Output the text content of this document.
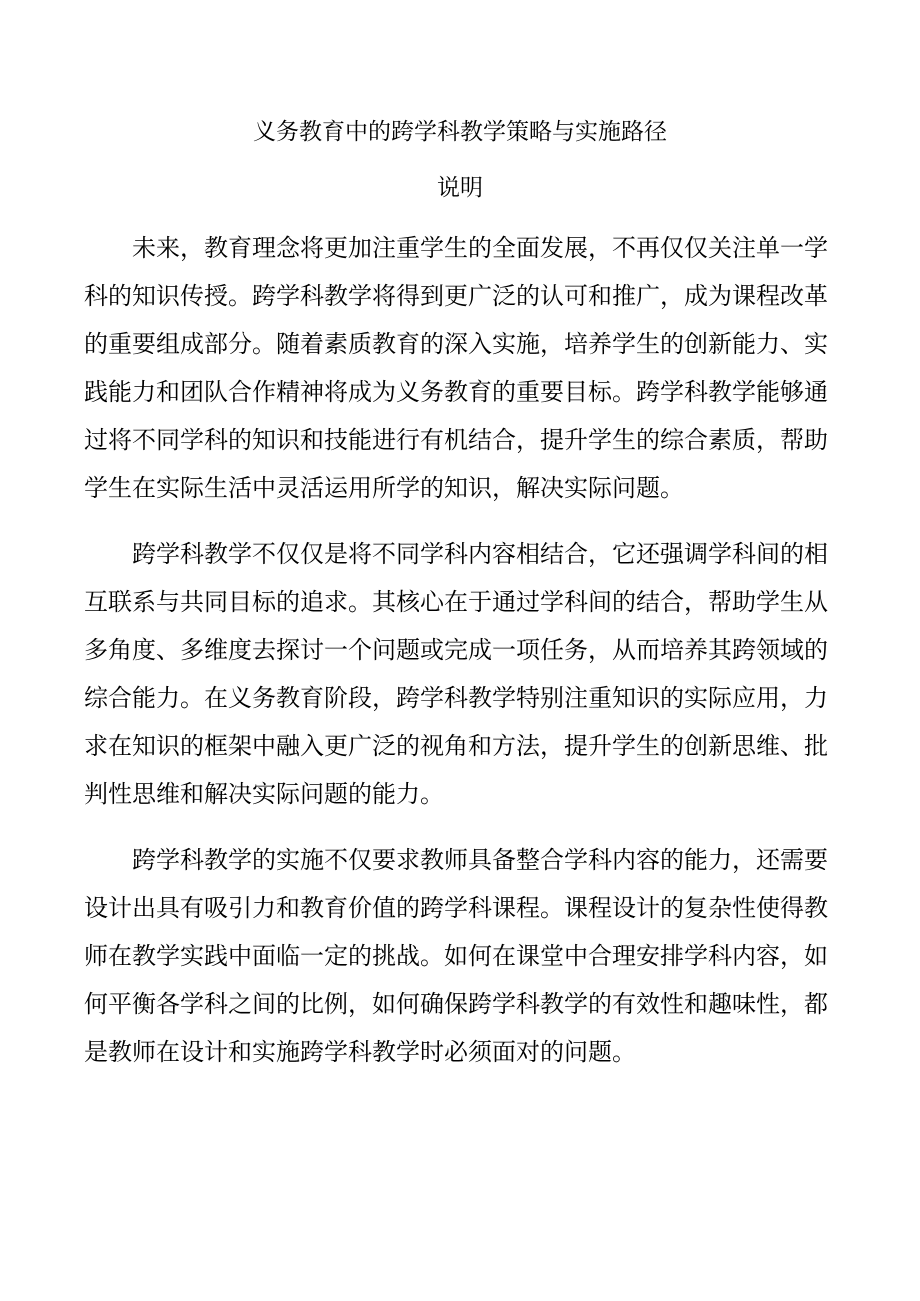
义务教育中的跨学科教学策略与实施路径
说明

未来，教育理念将更加注重学生的全面发展，不再仅仅关注单一学科的知识传授。跨学科教学将得到更广泛的认可和推广，成为课程改革的重要组成部分。随着素质教育的深入实施，培养学生的创新能力、实践能力和团队合作精神将成为义务教育的重要目标。跨学科教学能够通过将不同学科的知识和技能进行有机结合，提升学生的综合素质，帮助学生在实际生活中灵活运用所学的知识，解决实际问题。

跨学科教学不仅仅是将不同学科内容相结合，它还强调学科间的相互联系与共同目标的追求。其核心在于通过学科间的结合，帮助学生从多角度、多维度去探讨一个问题或完成一项任务，从而培养其跨领域的综合能力。在义务教育阶段，跨学科教学特别注重知识的实际应用，力求在知识的框架中融入更广泛的视角和方法，提升学生的创新思维、批判性思维和解决实际问题的能力。

跨学科教学的实施不仅要求教师具备整合学科内容的能力，还需要设计出具有吸引力和教育价值的跨学科课程。课程设计的复杂性使得教师在教学实践中面临一定的挑战。如何在课堂中合理安排学科内容，如何平衡各学科之间的比例，如何确保跨学科教学的有效性和趣味性，都是教师在设计和实施跨学科教学时必须面对的问题。
